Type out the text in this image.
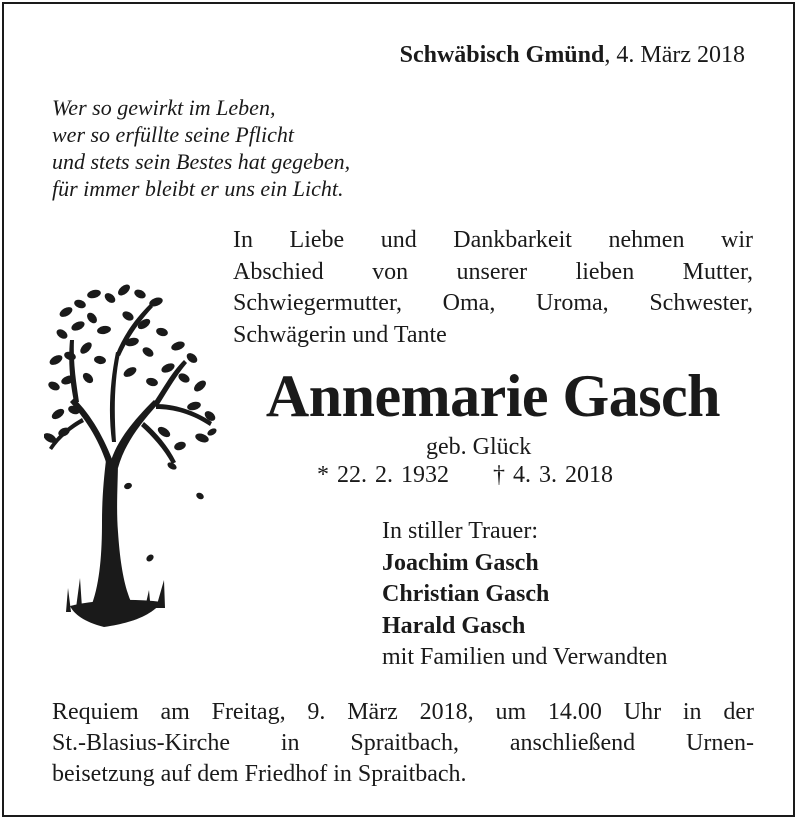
Schwäbisch Gmünd, 4. März 2018
Wer so gewirkt im Leben,
wer so erfüllte seine Pflicht
und stets sein Bestes hat gegeben,
für immer bleibt er uns ein Licht.
In Liebe und Dankbarkeit nehmen wir
Abschied von unserer lieben Mutter,
Schwiegermutter, Oma, Uroma, Schwester,
Schwägerin und Tante
Annemarie Gasch
geb. Glück
* 22. 2. 1932 † 4. 3. 2018
In stiller Trauer:
Joachim Gasch
Christian Gasch
Harald Gasch
mit Familien und Verwandten
Requiem am Freitag, 9. März 2018, um 14.00 Uhr in der
St.-Blasius-Kirche in Spraitbach, anschließend Urnen-
beisetzung auf dem Friedhof in Spraitbach.
